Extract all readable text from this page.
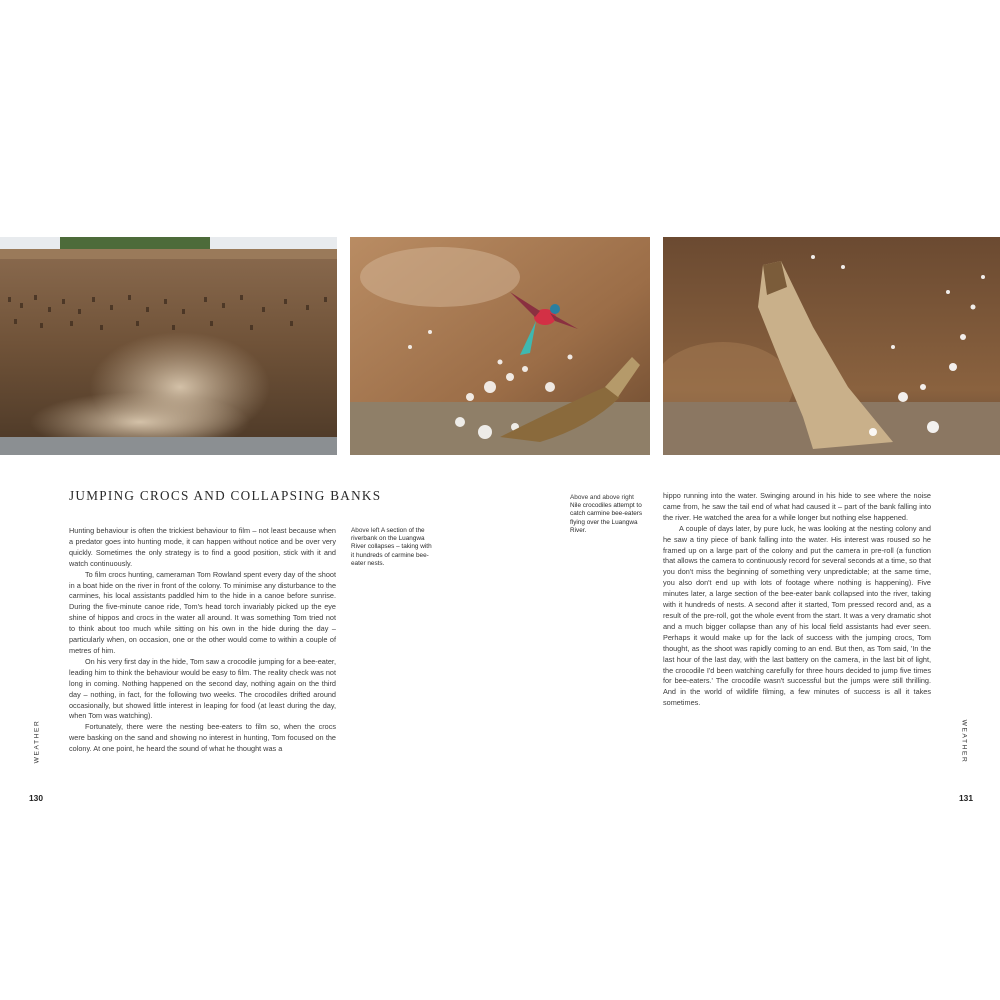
JUMPING CROCS AND COLLAPSING BANKS

Hunting behaviour is often the trickiest behaviour to film – not least because when a predator goes into hunting mode, it can happen without notice and be over very quickly. Sometimes the only strategy is to find a good position, stick with it and watch continuously.

To film crocs hunting, cameraman Tom Rowland spent every day of the shoot in a boat hide on the river in front of the colony. To minimise any disturbance to the carmines, his local assistants paddled him to the hide in a canoe before sunrise. During the five-minute canoe ride, Tom's head torch invariably picked up the eye shine of hippos and crocs in the water all around. It was something Tom tried not to think about too much while sitting on his own in the hide during the day – particularly when, on occasion, one or the other would come to within a couple of metres of him.

On his very first day in the hide, Tom saw a crocodile jumping for a bee-eater, leading him to think the behaviour would be easy to film. The reality check was not long in coming. Nothing happened on the second day, nothing again on the third day – nothing, in fact, for the following two weeks. The crocodiles drifted around occasionally, but showed little interest in leaping for food (at least during the day, when Tom was watching).

Fortunately, there were the nesting bee-eaters to film so, when the crocs were basking on the sand and showing no interest in hunting, Tom focused on the colony. At one point, he heard the sound of what he thought was a

Above left A section of the riverbank on the Luangwa River collapses – taking with it hundreds of carmine bee-eater nests.
Above and above right
Nile crocodiles attempt to catch carmine bee-eaters flying over the Luangwa River.

hippo running into the water. Swinging around in his hide to see where the noise came from, he saw the tail end of what had caused it – part of the bank falling into the river. He watched the area for a while longer but nothing else happened.

A couple of days later, by pure luck, he was looking at the nesting colony and he saw a tiny piece of bank falling into the water. His interest was roused so he framed up on a large part of the colony and put the camera in pre-roll (a function that allows the camera to continuously record for several seconds at a time, so that you don't miss the beginning of something very unpredictable; at the same time, you also don't end up with lots of footage where nothing is happening). Five minutes later, a large section of the bee-eater bank collapsed into the river, taking with it hundreds of nests. A second after it started, Tom pressed record and, as a result of the pre-roll, got the whole event from the start. It was a very dramatic shot and a much bigger collapse than any of his local field assistants had ever seen. Perhaps it would make up for the lack of success with the jumping crocs, Tom thought, as the shoot was rapidly coming to an end. But then, as Tom said, 'In the last hour of the last day, with the last battery on the camera, in the last bit of light, the crocodile I'd been watching carefully for three hours decided to jump five times for bee-eaters.' The crocodile wasn't successful but the jumps were still thrilling. And in the world of wildlife filming, a few minutes of success is all it takes sometimes.

WEATHER	WEATHER
130	131
